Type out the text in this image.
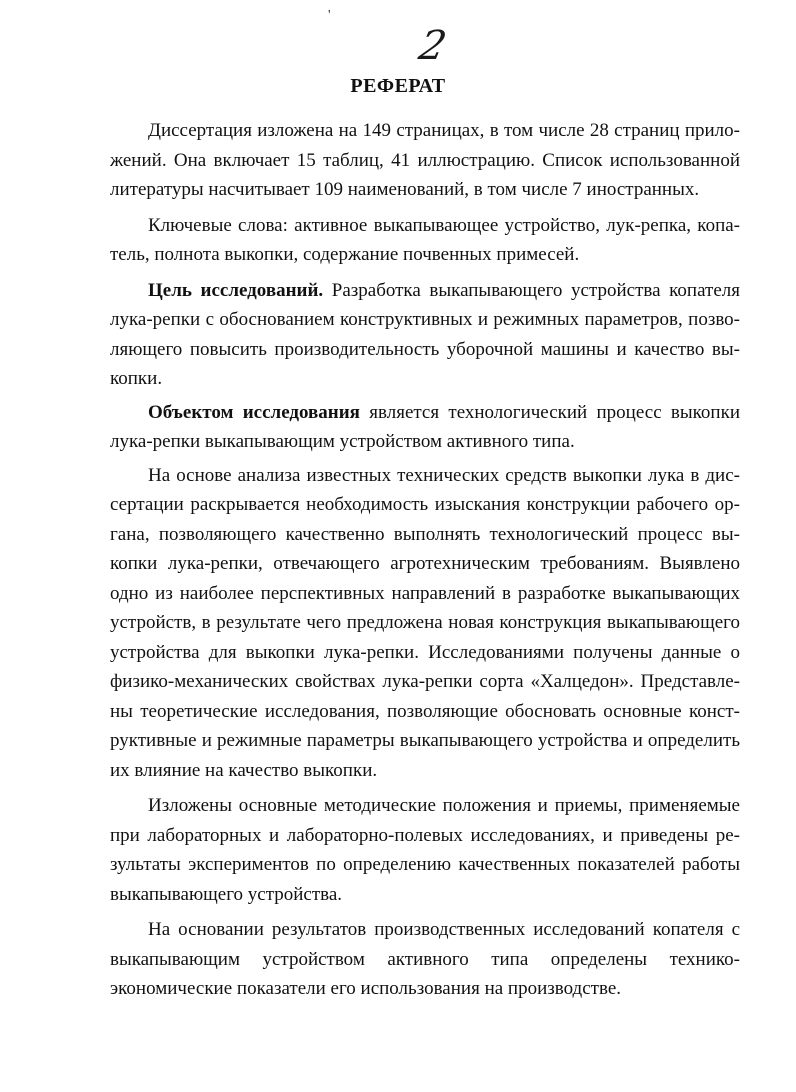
'
2
РЕФЕРАТ

Диссертация изложена на 149 страницах, в том числе 28 страниц приложений. Она включает 15 таблиц, 41 иллюстрацию. Список использованной литературы насчитывает 109 наименований, в том числе 7 иностранных.

Ключевые слова: активное выкапывающее устройство, лук-репка, копатель, полнота выкопки, содержание почвенных примесей.

Цель исследований. Разработка выкапывающего устройства копателя лука-репки с обоснованием конструктивных и режимных параметров, позволяющего повысить производительность уборочной машины и качество выкопки.

Объектом исследования является технологический процесс выкопки лука-репки выкапывающим устройством активного типа.

На основе анализа известных технических средств выкопки лука в диссертации раскрывается необходимость изыскания конструкции рабочего органа, позволяющего качественно выполнять технологический процесс выкопки лука-репки, отвечающего агротехническим требованиям. Выявлено одно из наиболее перспективных направлений в разработке выкапывающих устройств, в результате чего предложена новая конструкция выкапывающего устройства для выкопки лука-репки. Исследованиями получены данные о физико-механических свойствах лука-репки сорта «Халцедон». Представлены теоретические исследования, позволяющие обосновать основные конструктивные и режимные параметры выкапывающего устройства и определить их влияние на качество выкопки.

Изложены основные методические положения и приемы, применяемые при лабораторных и лабораторно-полевых исследованиях, и приведены результаты экспериментов по определению качественных показателей работы выкапывающего устройства.

На основании результатов производственных исследований копателя с выкапывающим устройством активного типа определены технико-экономические показатели его использования на производстве.
